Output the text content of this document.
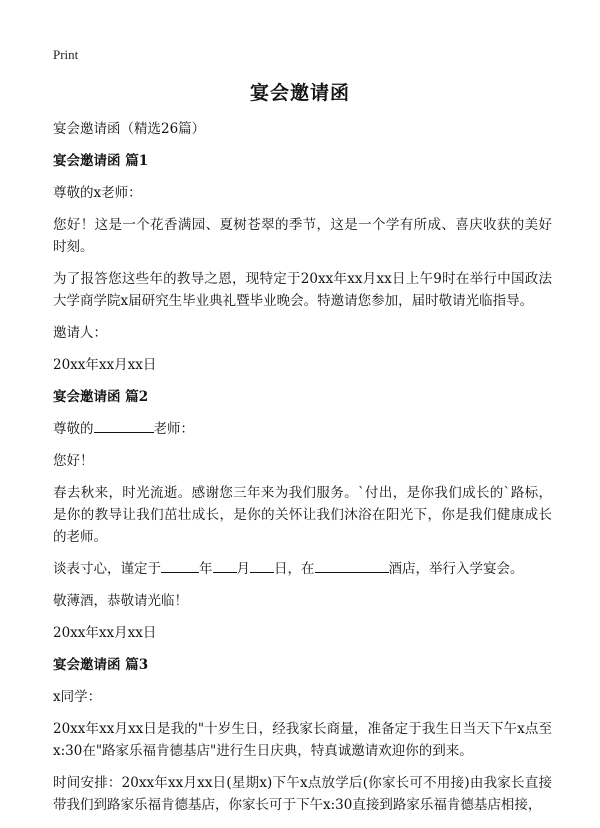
Print
宴会邀请函

宴会邀请函（精选26篇）

宴会邀请函 篇1

尊敬的x老师：

您好！这是一个花香满园、夏树苍翠的季节，这是一个学有所成、喜庆收获的美好时刻。

为了报答您这些年的教导之恩，现特定于20xx年xx月xx日上午9时在举行中国政法大学商学院x届研究生毕业典礼暨毕业晚会。特邀请您参加，届时敬请光临指导。

邀请人：

20xx年xx月xx日

宴会邀请函 篇2

尊敬的	老师：

您好！

春去秋来，时光流逝。感谢您三年来为我们服务。`付出，是你我们成长的`路标，是你的教导让我们茁壮成长，是你的关怀让我们沐浴在阳光下，你是我们健康成长的老师。

谈表寸心，谨定于	年 月 日，在	酒店，举行入学宴会。

敬薄酒，恭敬请光临！

20xx年xx月xx日

宴会邀请函 篇3

x同学：

20xx年xx月xx日是我的"十岁生日，经我家长商量，准备定于我生日当天下午x点至x:30在"路家乐福肯德基店"进行生日庆典，特真诚邀请欢迎你的到来。

时间安排：20xx年xx月xx日(星期x)下午x点放学后(你家长可不用接)由我家长直接带我们到路家乐福肯德基店，你家长可于下午x:30直接到路家乐福肯德基店相接，
